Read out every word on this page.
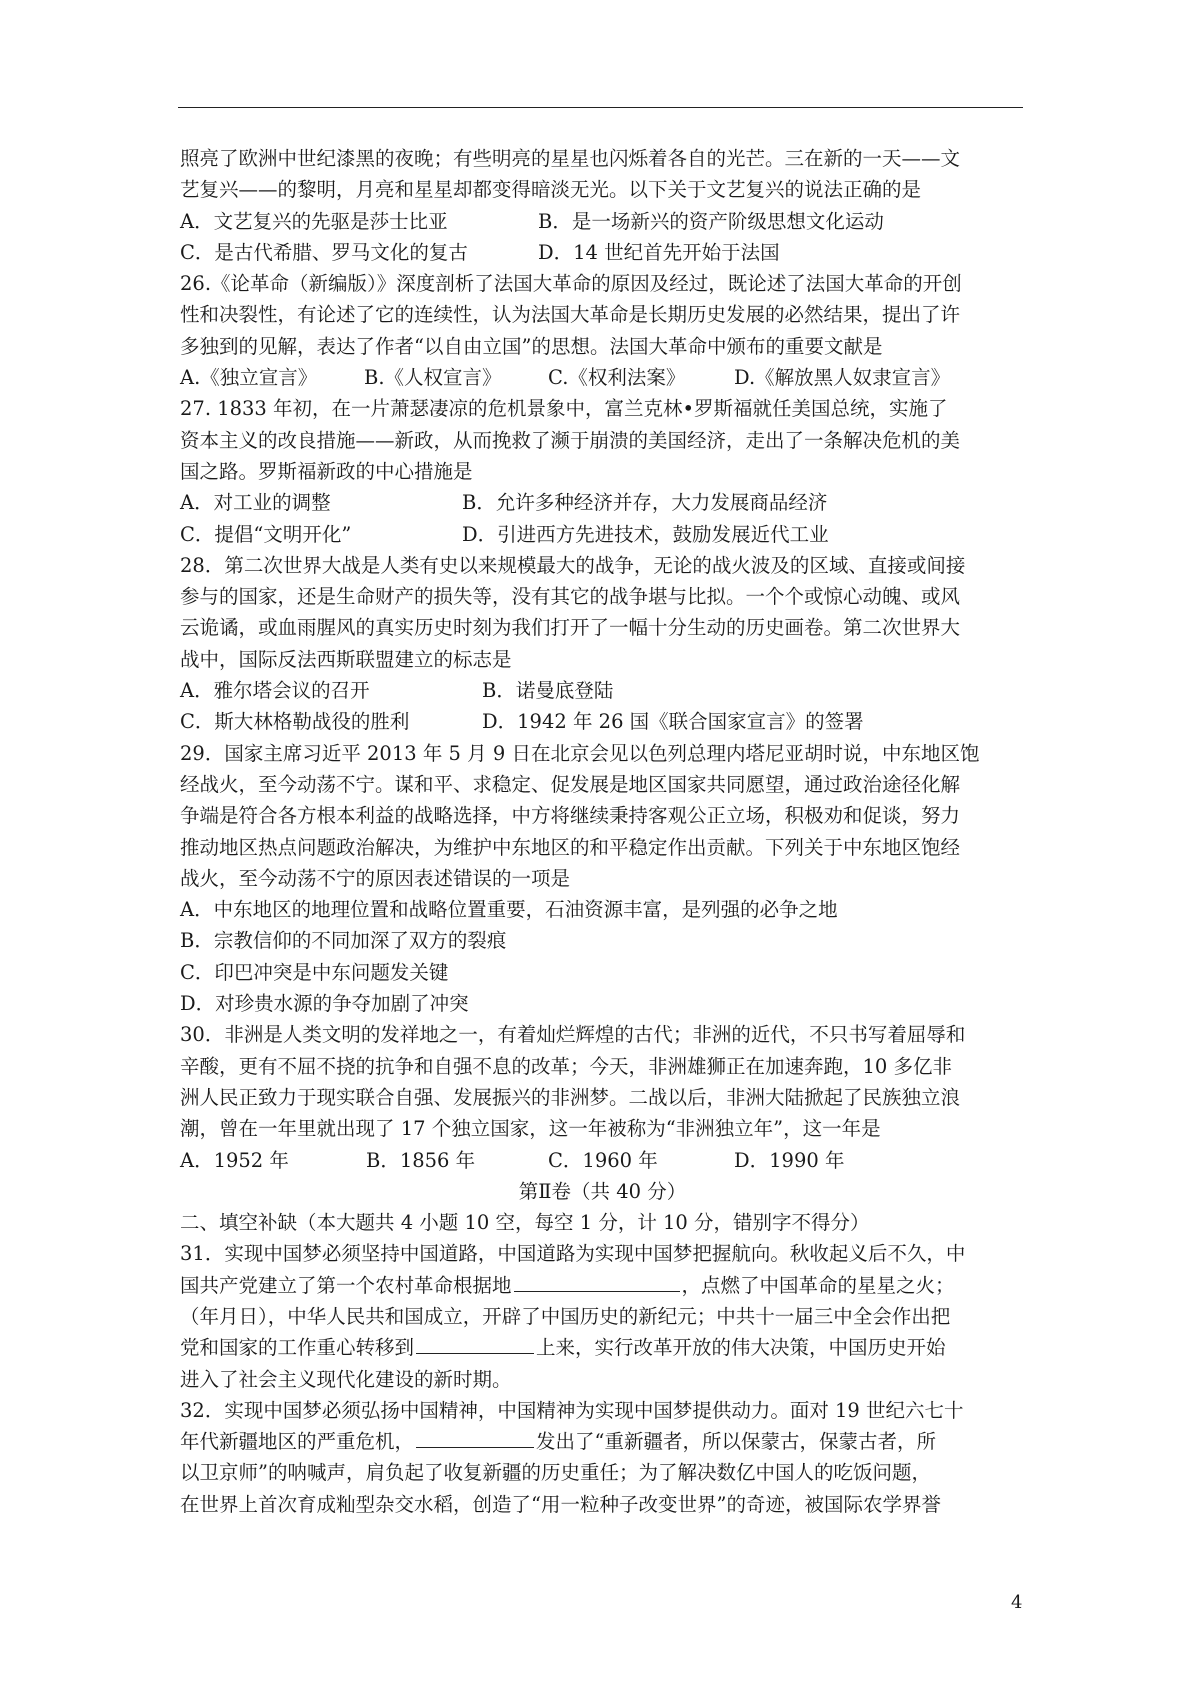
照亮了欧洲中世纪漆黑的夜晚；有些明亮的星星也闪烁着各自的光芒。三在新的一天——文
艺复兴——的黎明，月亮和星星却都变得暗淡无光。以下关于文艺复兴的说法正确的是
A．文艺复兴的先驱是莎士比亚	B．是一场新兴的资产阶级思想文化运动
C．是古代希腊、罗马文化的复古	D．14 世纪首先开始于法国
26.《论革命（新编版）》深度剖析了法国大革命的原因及经过，既论述了法国大革命的开创
性和决裂性，有论述了它的连续性，认为法国大革命是长期历史发展的必然结果，提出了许
多独到的见解，表达了作者“以自由立国”的思想。法国大革命中颁布的重要文献是
A.《独立宣言》	B.《人权宣言》	C.《权利法案》	D.《解放黑人奴隶宣言》
27. 1833 年初，在一片萧瑟凄凉的危机景象中，富兰克林•罗斯福就任美国总统，实施了
资本主义的改良措施——新政，从而挽救了濒于崩溃的美国经济，走出了一条解决危机的美
国之路。罗斯福新政的中心措施是
A．对工业的调整	B．允许多种经济并存，大力发展商品经济
C．提倡“文明开化”	D．引进西方先进技术，鼓励发展近代工业
28．第二次世界大战是人类有史以来规模最大的战争，无论的战火波及的区域、直接或间接
参与的国家，还是生命财产的损失等，没有其它的战争堪与比拟。一个个或惊心动魄、或风
云诡谲，或血雨腥风的真实历史时刻为我们打开了一幅十分生动的历史画卷。第二次世界大
战中，国际反法西斯联盟建立的标志是
A．雅尔塔会议的召开	B．诺曼底登陆
C．斯大林格勒战役的胜利	D．1942 年 26 国《联合国家宣言》的签署
29．国家主席习近平 2013 年 5 月 9 日在北京会见以色列总理内塔尼亚胡时说，中东地区饱
经战火，至今动荡不宁。谋和平、求稳定、促发展是地区国家共同愿望，通过政治途径化解
争端是符合各方根本利益的战略选择，中方将继续秉持客观公正立场，积极劝和促谈，努力
推动地区热点问题政治解决，为维护中东地区的和平稳定作出贡献。下列关于中东地区饱经
战火，至今动荡不宁的原因表述错误的一项是
A．中东地区的地理位置和战略位置重要，石油资源丰富，是列强的必争之地
B．宗教信仰的不同加深了双方的裂痕
C．印巴冲突是中东问题发关键
D．对珍贵水源的争夺加剧了冲突
30．非洲是人类文明的发祥地之一，有着灿烂辉煌的古代；非洲的近代，不只书写着屈辱和
辛酸，更有不屈不挠的抗争和自强不息的改革；今天，非洲雄狮正在加速奔跑，10 多亿非
洲人民正致力于现实联合自强、发展振兴的非洲梦。二战以后，非洲大陆掀起了民族独立浪
潮，曾在一年里就出现了 17 个独立国家，这一年被称为“非洲独立年”，这一年是
A．1952 年	B．1856 年	C．1960 年	D．1990 年
第Ⅱ卷（共 40 分）
二、填空补缺（本大题共 4 小题 10 空，每空 1 分，计 10 分，错别字不得分）
31．实现中国梦必须坚持中国道路，中国道路为实现中国梦把握航向。秋收起义后不久，中
国共产党建立了第一个农村革命根据地	，点燃了中国革命的星星之火；
（年月日），中华人民共和国成立，开辟了中国历史的新纪元；中共十一届三中全会作出把
党和国家的工作重心转移到	上来，实行改革开放的伟大决策，中国历史开始
进入了社会主义现代化建设的新时期。
32．实现中国梦必须弘扬中国精神，中国精神为实现中国梦提供动力。面对 19 世纪六七十
年代新疆地区的严重危机，	发出了“重新疆者，所以保蒙古，保蒙古者，所
以卫京师”的呐喊声，肩负起了收复新疆的历史重任；为了解决数亿中国人的吃饭问题，
在世界上首次育成籼型杂交水稻，创造了“用一粒种子改变世界”的奇迹，被国际农学界誉
4
